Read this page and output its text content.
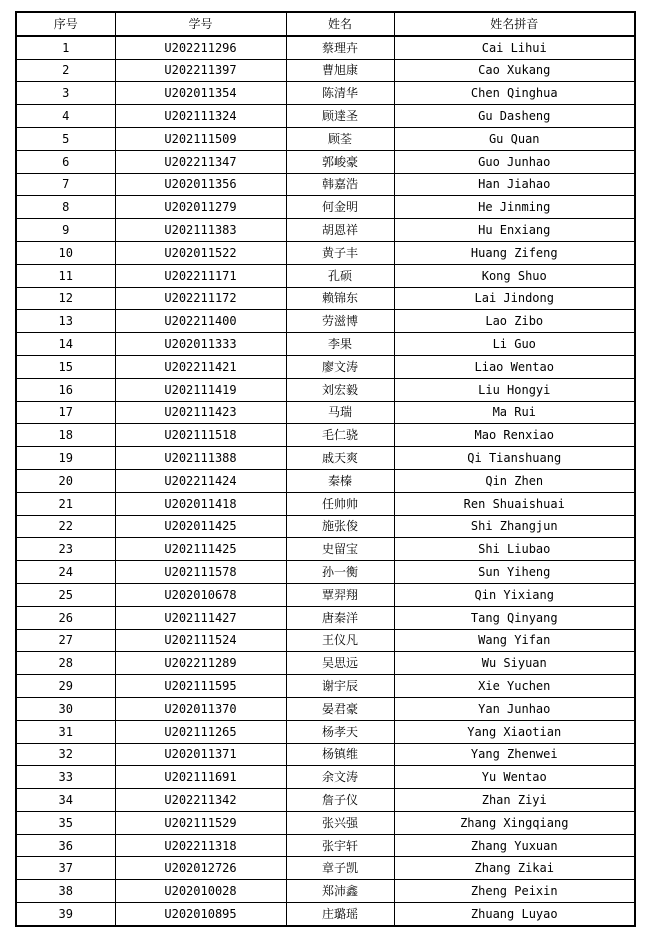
序号	学号	姓名	姓名拼音
1	U202211296	蔡理卉	Cai Lihui
2	U202211397	曹旭康	Cao Xukang
3	U202011354	陈清华	Chen Qinghua
4	U202111324	顾達圣	Gu Dasheng
5	U202111509	顾荃	Gu Quan
6	U202211347	郭峻豪	Guo Junhao
7	U202011356	韩嘉浩	Han Jiahao
8	U202011279	何金明	He Jinming
9	U202111383	胡恩祥	Hu Enxiang
10	U202011522	黄子丰	Huang Zifeng
11	U202211171	孔硕	Kong Shuo
12	U202211172	赖锦东	Lai Jindong
13	U202211400	劳滋博	Lao Zibo
14	U202011333	李果	Li Guo
15	U202211421	廖文涛	Liao Wentao
16	U202111419	刘宏毅	Liu Hongyi
17	U202111423	马瑞	Ma Rui
18	U202111518	毛仁骁	Mao Renxiao
19	U202111388	戚天爽	Qi Tianshuang
20	U202211424	秦榛	Qin Zhen
21	U202011418	任帅帅	Ren Shuaishuai
22	U202011425	施张俊	Shi Zhangjun
23	U202111425	史留宝	Shi Liubao
24	U202111578	孙一衡	Sun Yiheng
25	U202010678	覃羿翔	Qin Yixiang
26	U202111427	唐秦洋	Tang Qinyang
27	U202111524	王仪凡	Wang Yifan
28	U202211289	吴思远	Wu Siyuan
29	U202111595	谢宇辰	Xie Yuchen
30	U202011370	晏君豪	Yan Junhao
31	U202111265	杨孝天	Yang Xiaotian
32	U202011371	杨镇维	Yang Zhenwei
33	U202111691	余文涛	Yu Wentao
34	U202211342	詹子仪	Zhan Ziyi
35	U202111529	张兴强	Zhang Xingqiang
36	U202211318	张宇轩	Zhang Yuxuan
37	U202012726	章子凯	Zhang Zikai
38	U202010028	郑沛鑫	Zheng Peixin
39	U202010895	庄璐瑶	Zhuang Luyao
